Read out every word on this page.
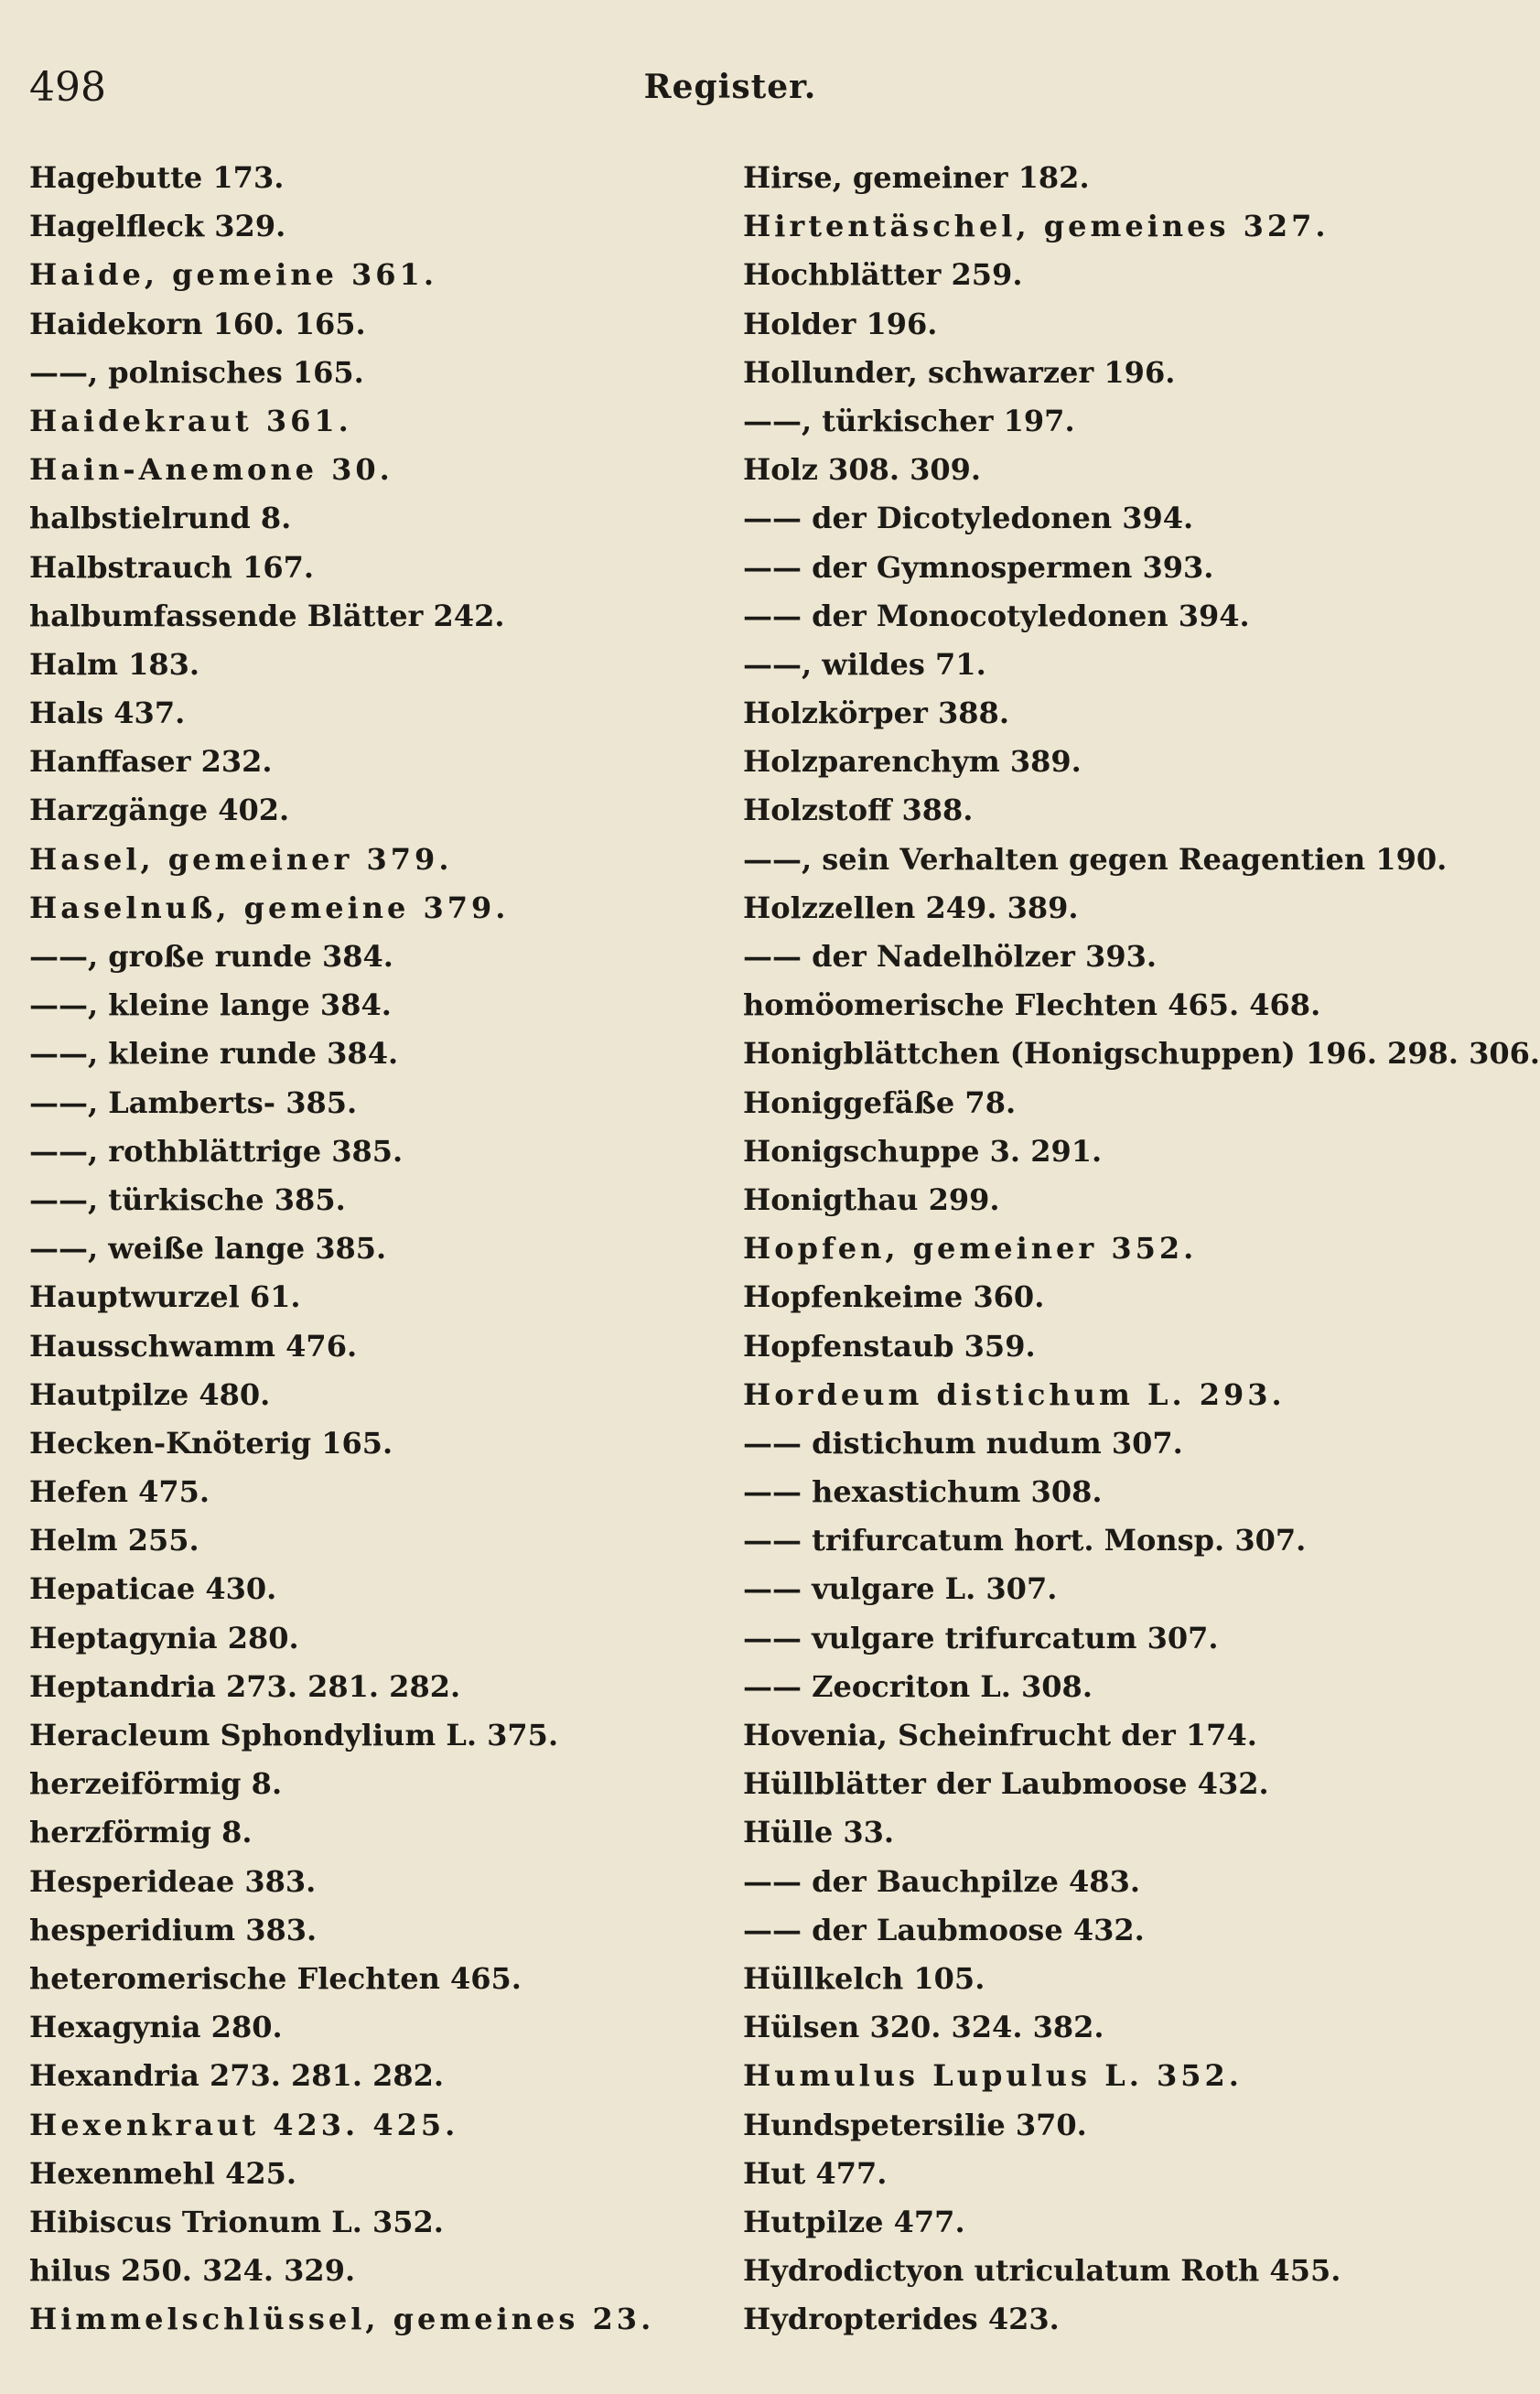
498	Register.
Hagebutte 173.
Hagelfleck 329.
Haide, gemeine 361.
Haidekorn 160. 165.
——, polnisches 165.
Haidekraut 361.
Hain-Anemone 30.
halbstielrund 8.
Halbstrauch 167.
halbumfassende Blätter 242.
Halm 183.
Hals 437.
Hanffaser 232.
Harzgänge 402.
Hasel, gemeiner 379.
Haselnuß, gemeine 379.
——, große runde 384.
——, kleine lange 384.
——, kleine runde 384.
——, Lamberts- 385.
——, rothblättrige 385.
——, türkische 385.
——, weiße lange 385.
Hauptwurzel 61.
Hausschwamm 476.
Hautpilze 480.
Hecken-Knöterig 165.
Hefen 475.
Helm 255.
Hepaticae 430.
Heptagynia 280.
Heptandria 273. 281. 282.
Heracleum Sphondylium L. 375.
herzeiförmig 8.
herzförmig 8.
Hesperideae 383.
hesperidium 383.
heteromerische Flechten 465.
Hexagynia 280.
Hexandria 273. 281. 282.
Hexenkraut 423. 425.
Hexenmehl 425.
Hibiscus Trionum L. 352.
hilus 250. 324. 329.
Himmelschlüssel, gemeines 23.
Hirse, gemeiner 182.
Hirtentäschel, gemeines 327.
Hochblätter 259.
Holder 196.
Hollunder, schwarzer 196.
——, türkischer 197.
Holz 308. 309.
—— der Dicotyledonen 394.
—— der Gymnospermen 393.
—— der Monocotyledonen 394.
——, wildes 71.
Holzkörper 388.
Holzparenchym 389.
Holzstoff 388.
——, sein Verhalten gegen Reagentien 190.
Holzzellen 249. 389.
—— der Nadelhölzer 393.
homöomerische Flechten 465. 468.
Honigblättchen (Honigschuppen) 196. 298. 306.
Honiggefäße 78.
Honigschuppe 3. 291.
Honigthau 299.
Hopfen, gemeiner 352.
Hopfenkeime 360.
Hopfenstaub 359.
Hordeum distichum L. 293.
—— distichum nudum 307.
—— hexastichum 308.
—— trifurcatum hort. Monsp. 307.
—— vulgare L. 307.
—— vulgare trifurcatum 307.
—— Zeocriton L. 308.
Hovenia, Scheinfrucht der 174.
Hüllblätter der Laubmoose 432.
Hülle 33.
—— der Bauchpilze 483.
—— der Laubmoose 432.
Hüllkelch 105.
Hülsen 320. 324. 382.
Humulus Lupulus L. 352.
Hundspetersilie 370.
Hut 477.
Hutpilze 477.
Hydrodictyon utriculatum Roth 455.
Hydropterides 423.
